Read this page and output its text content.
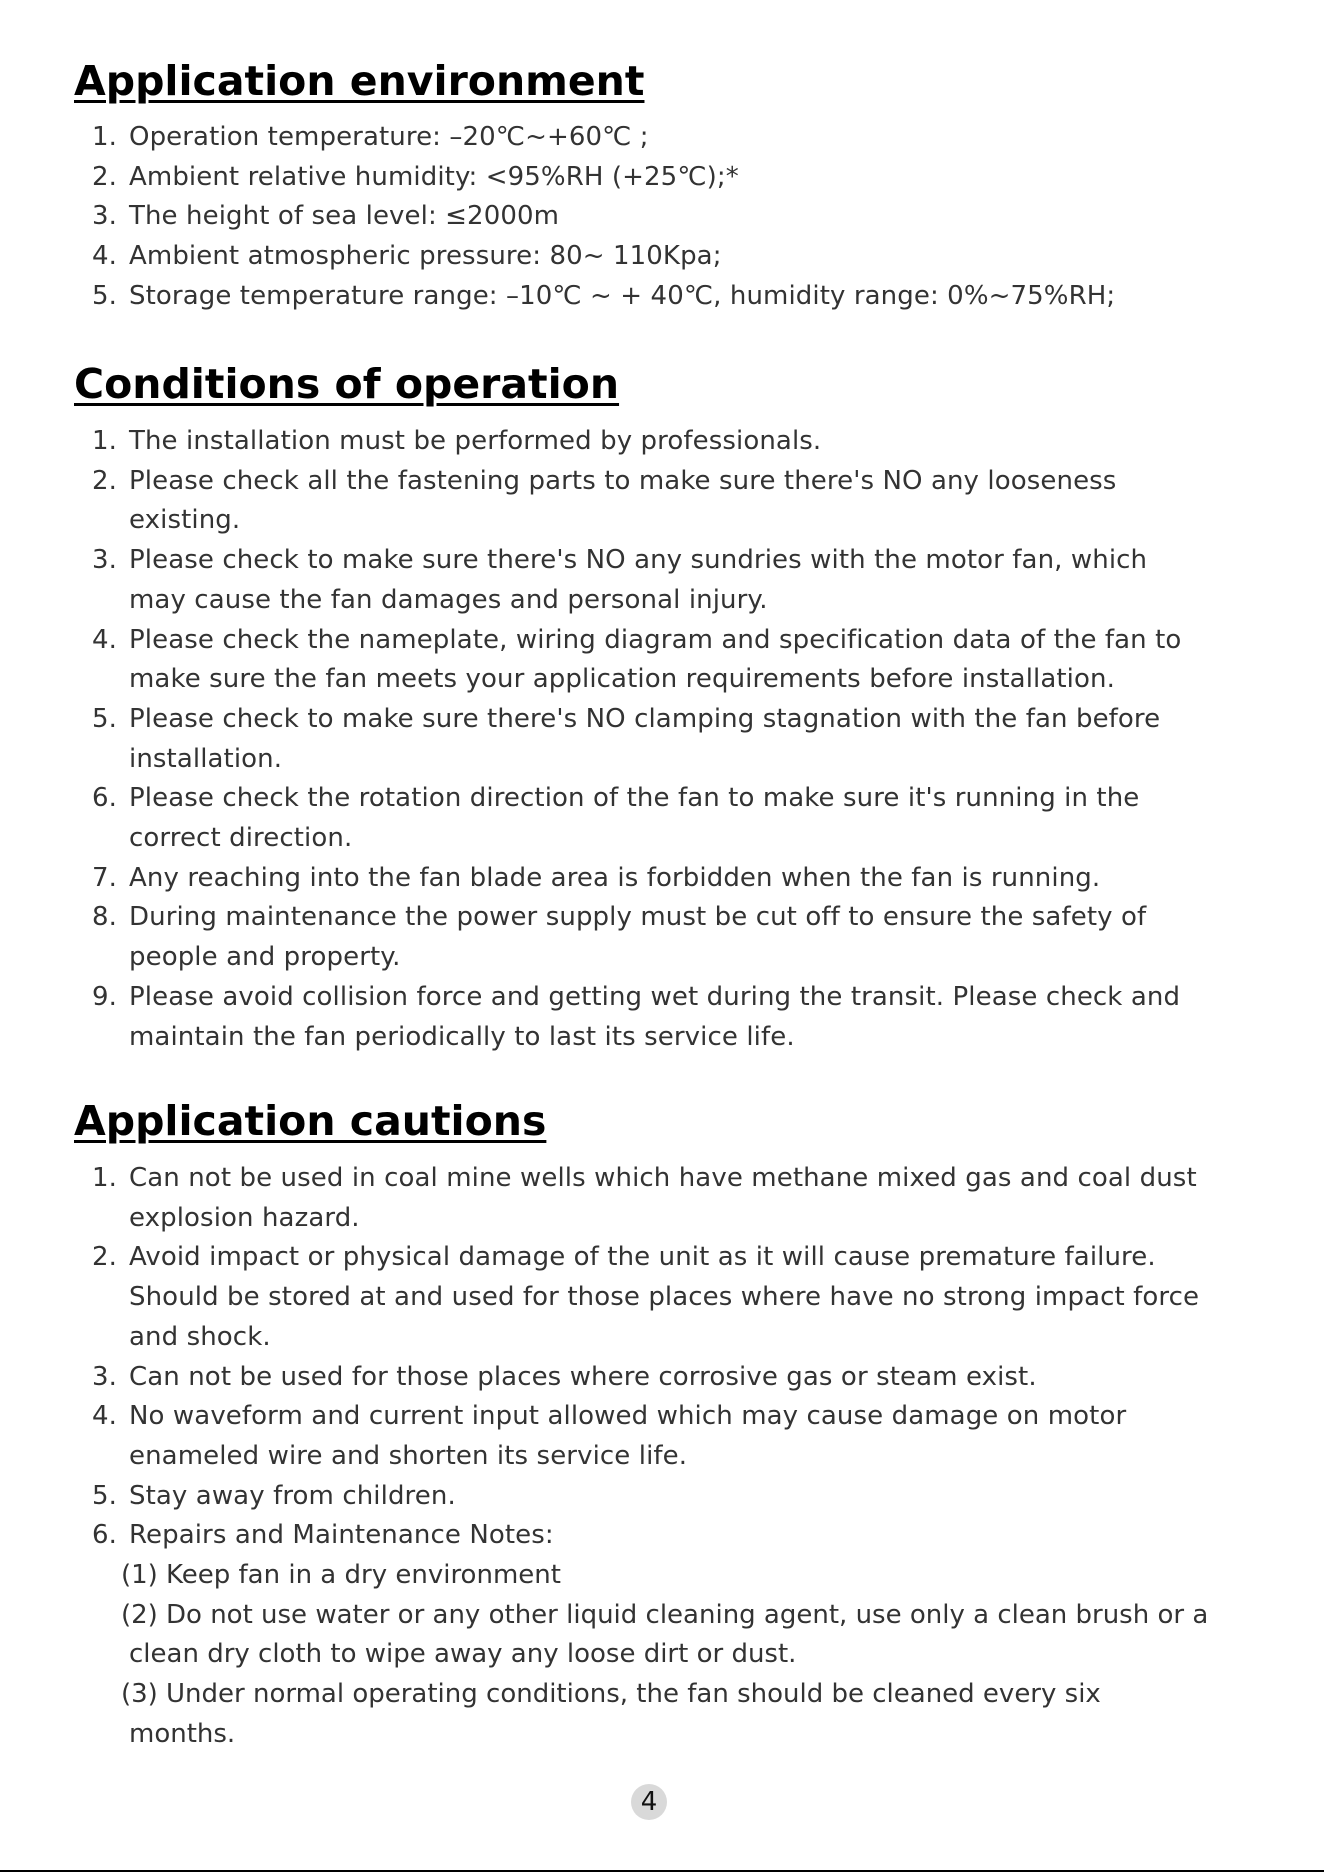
Application environment
1. Operation temperature: –20℃~+60℃ ;
2. Ambient relative humidity: <95%RH (+25℃);*
3. The height of sea level: ≤2000m
4. Ambient atmospheric pressure: 80~ 110Kpa;
5. Storage temperature range: –10℃ ~ + 40℃, humidity range: 0%~75%RH;
Conditions of operation
1. The installation must be performed by professionals.
2. Please check all the fastening parts to make sure there's NO any looseness existing.
3. Please check to make sure there's NO any sundries with the motor fan, which may cause the fan damages and personal injury.
4. Please check the nameplate, wiring diagram and specification data of the fan to make sure the fan meets your application requirements before installation.
5. Please check to make sure there's NO clamping stagnation with the fan before installation.
6. Please check the rotation direction of the fan to make sure it's running in the correct direction.
7. Any reaching into the fan blade area is forbidden when the fan is running.
8. During maintenance the power supply must be cut off to ensure the safety of people and property.
9. Please avoid collision force and getting wet during the transit. Please check and maintain the fan periodically to last its service life.
Application cautions
1. Can not be used in coal mine wells which have methane mixed gas and coal dust explosion hazard.
2. Avoid impact or physical damage of the unit as it will cause premature failure. Should be stored at and used for those places where have no strong impact force and shock.
3. Can not be used for those places where corrosive gas or steam exist.
4. No waveform and current input allowed which may cause damage on motor enameled wire and shorten its service life.
5. Stay away from children.
6. Repairs and Maintenance Notes:
(1) Keep fan in a dry environment
(2) Do not use water or any other liquid cleaning agent, use only a clean brush or a clean dry cloth to wipe away any loose dirt or dust.
(3) Under normal operating conditions, the fan should be cleaned every six months.
4
